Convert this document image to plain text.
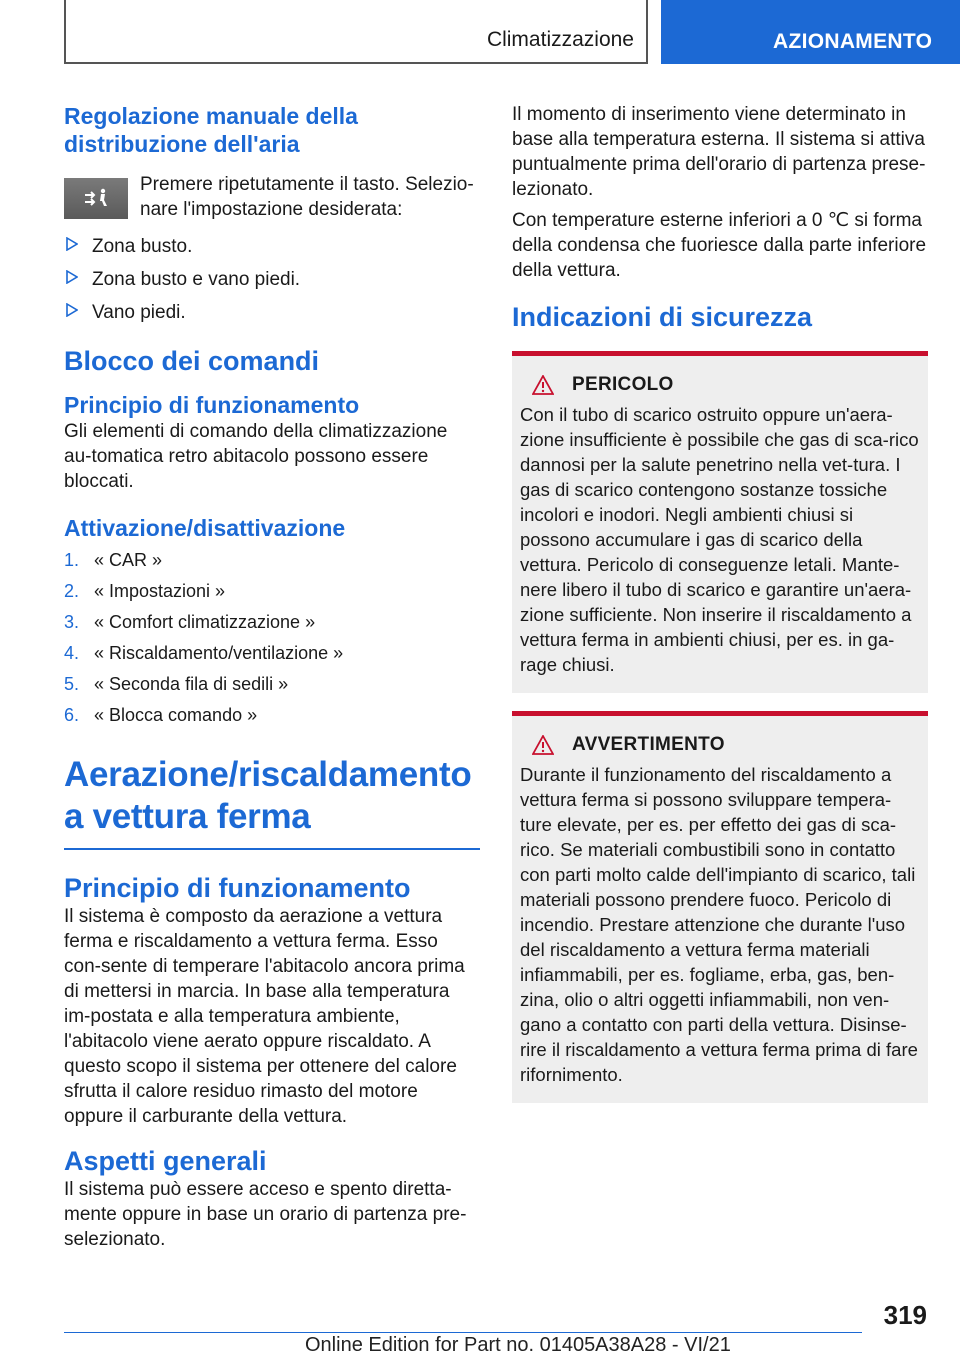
Climatizzazione	AZIONAMENTO
Regolazione manuale della distribuzione dell'aria

Premere ripetutamente il tasto. Selezio-nare l'impostazione desiderata:

Zona busto.
Zona busto e vano piedi.
Vano piedi.
Blocco dei comandi
Principio di funzionamento

Gli elementi di comando della climatizzazione au-tomatica retro abitacolo possono essere bloccati.

Attivazione/disattivazione
1. « CAR »
2. « Impostazioni »
3. « Comfort climatizzazione »
4. « Riscaldamento/ventilazione »
5. « Seconda fila di sedili »
6. « Blocca comando »
Aerazione/riscaldamento a vettura ferma
Principio di funzionamento

Il sistema è composto da aerazione a vettura ferma e riscaldamento a vettura ferma. Esso con-sente di temperare l'abitacolo ancora prima di mettersi in marcia. In base alla temperatura im-postata e alla temperatura ambiente, l'abitacolo viene aerato oppure riscaldato. A questo scopo il sistema per ottenere del calore sfrutta il calore residuo rimasto del motore oppure il carburante della vettura.

Aspetti generali

Il sistema può essere acceso e spento diretta-mente oppure in base un orario di partenza pre-selezionato.

Il momento di inserimento viene determinato in base alla temperatura esterna. Il sistema si attiva puntualmente prima dell'orario di partenza prese-lezionato.

Con temperature esterne inferiori a 0 ℃ si forma della condensa che fuoriesce dalla parte inferiore della vettura.

Indicazioni di sicurezza
PERICOLO

Con il tubo di scarico ostruito oppure un'aera-zione insufficiente è possibile che gas di sca-rico dannosi per la salute penetrino nella vet-tura. I gas di scarico contengono sostanze tossiche incolori e inodori. Negli ambienti chiusi si possono accumulare i gas di scarico della vettura. Pericolo di conseguenze letali. Mante-nere libero il tubo di scarico e garantire un'aera-zione sufficiente. Non inserire il riscaldamento a vettura ferma in ambienti chiusi, per es. in ga-rage chiusi.

AVVERTIMENTO

Durante il funzionamento del riscaldamento a vettura ferma si possono sviluppare tempera-ture elevate, per es. per effetto dei gas di sca-rico. Se materiali combustibili sono in contatto con parti molto calde dell'impianto di scarico, tali materiali possono prendere fuoco. Pericolo di incendio. Prestare attenzione che durante l'uso del riscaldamento a vettura ferma materiali infiammabili, per es. fogliame, erba, gas, ben-zina, olio o altri oggetti infiammabili, non ven-gano a contatto con parti della vettura. Disinse-rire il riscaldamento a vettura ferma prima di fare rifornimento.

319
Online Edition for Part no. 01405A38A28 - VI/21
